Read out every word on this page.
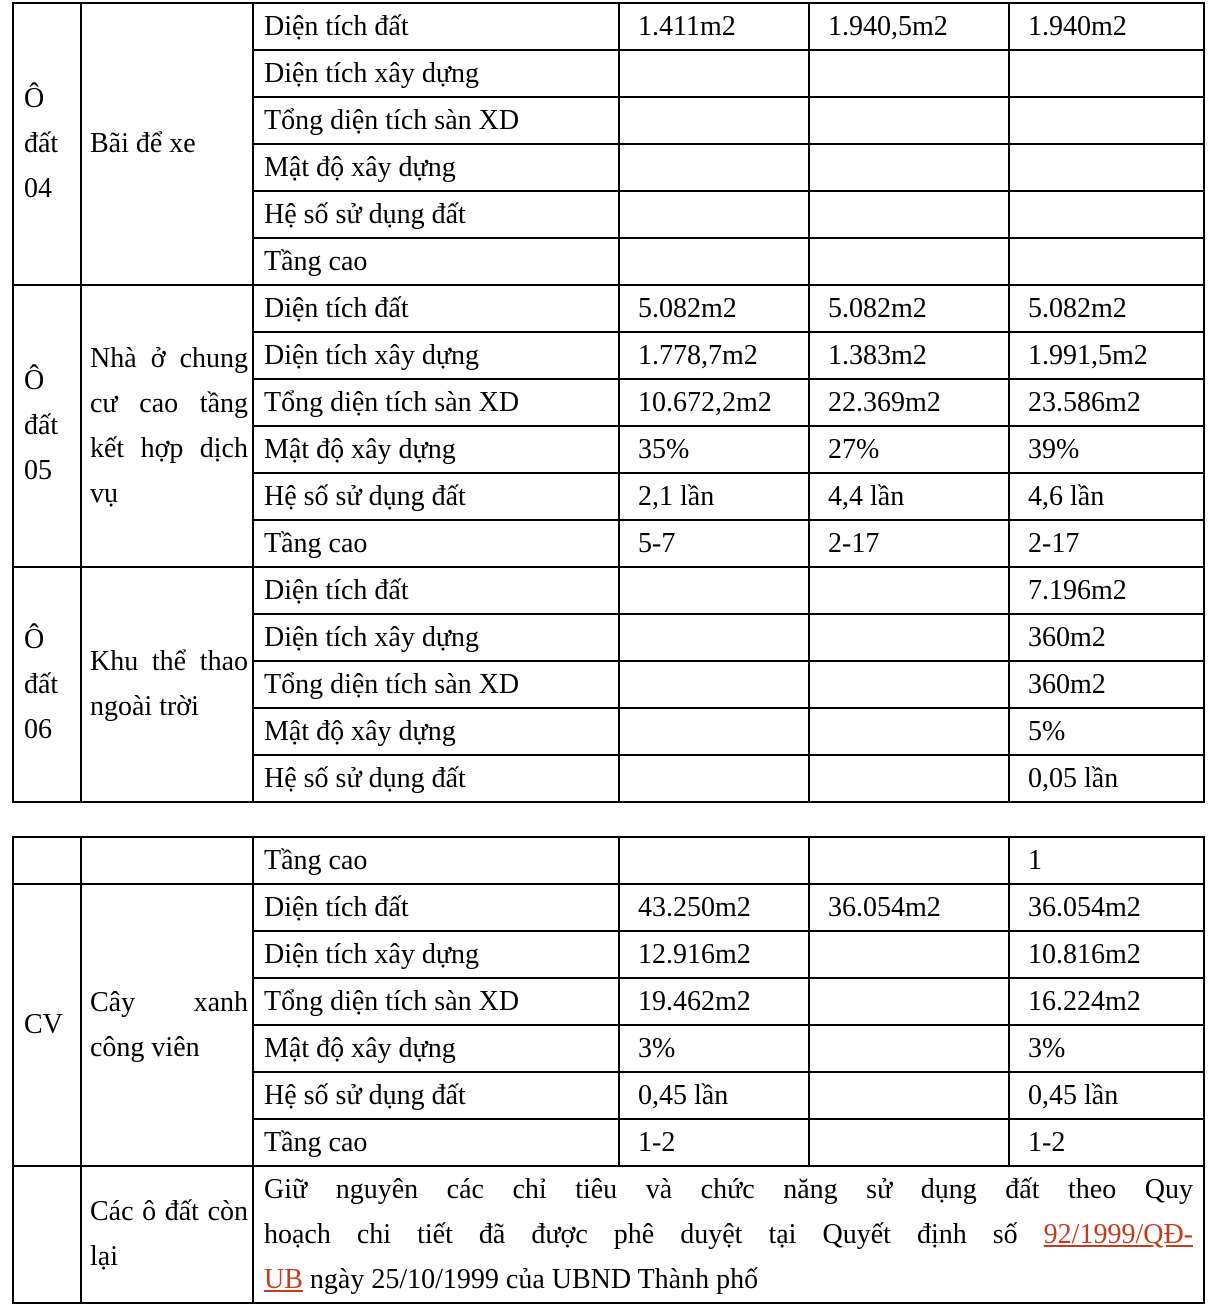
Ô đất 04	Bãi để xe	Diện tích đất	1.411m2	1.940,5m2	1.940m2
		Diện tích xây dựng			
		Tổng diện tích sàn XD			
		Mật độ xây dựng			
		Hệ số sử dụng đất			
		Tầng cao			
Ô đất 05	Nhà ở chung cư cao tầng kết hợp dịch vụ	Diện tích đất	5.082m2	5.082m2	5.082m2
		Diện tích xây dựng	1.778,7m2	1.383m2	1.991,5m2
		Tổng diện tích sàn XD	10.672,2m2	22.369m2	23.586m2
		Mật độ xây dựng	35%	27%	39%
		Hệ số sử dụng đất	2,1 lần	4,4 lần	4,6 lần
		Tầng cao	5-7	2-17	2-17
Ô đất 06	Khu thể thao ngoài trời	Diện tích đất			7.196m2
		Diện tích xây dựng			360m2
		Tổng diện tích sàn XD			360m2
		Mật độ xây dựng			5%
		Hệ số sử dụng đất			0,05 lần
		Tầng cao			1
CV	Cây xanh công viên	Diện tích đất	43.250m2	36.054m2	36.054m2
		Diện tích xây dựng	12.916m2		10.816m2
		Tổng diện tích sàn XD	19.462m2		16.224m2
		Mật độ xây dựng	3%		3%
		Hệ số sử dụng đất	0,45 lần		0,45 lần
		Tầng cao	1-2		1-2
	Các ô đất còn lại	Giữ nguyên các chỉ tiêu và chức năng sử dụng đất theo Quy
hoạch chi tiết đã được phê duyệt tại Quyết định số 92/1999/QĐ-
UB ngày 25/10/1999 của UBND Thành phố			
